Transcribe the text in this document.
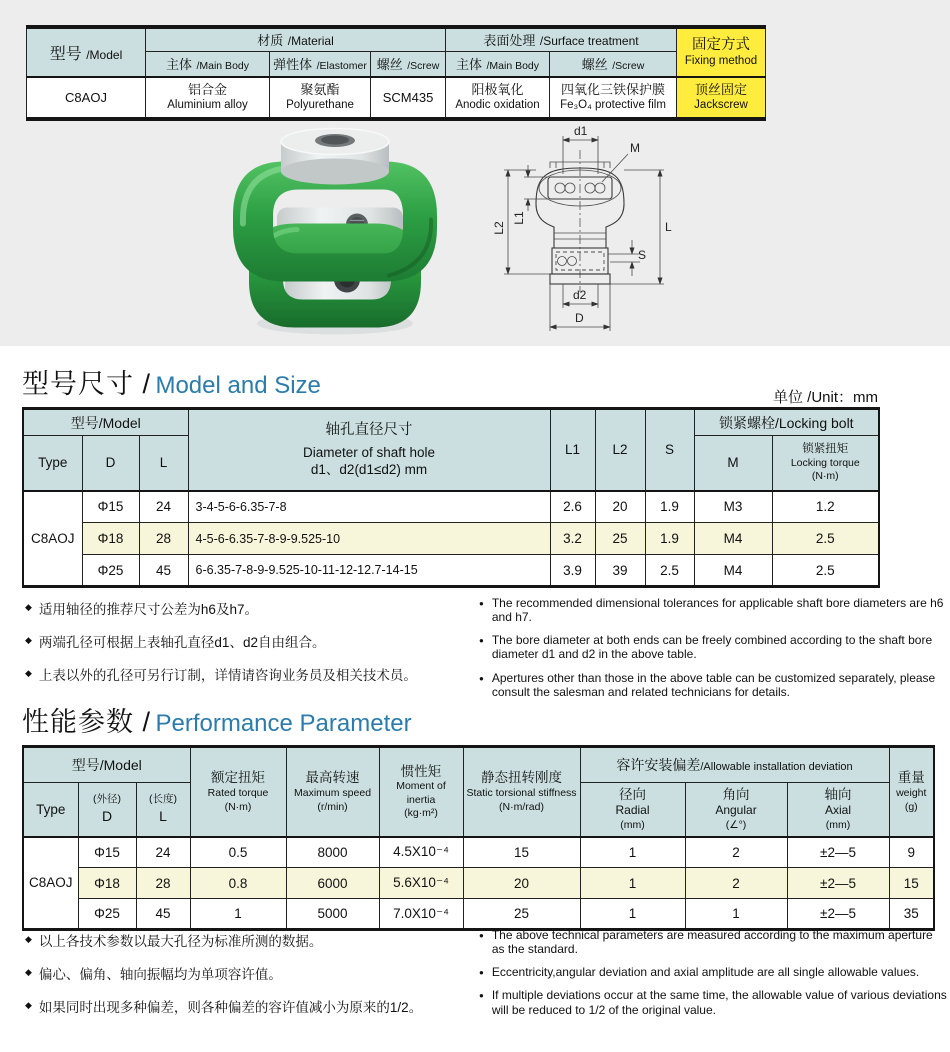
型号 /Model	材质 /Material			表面处理 /Surface treatment		固定方式
Fixing method

	主体 /Main Body	弹性体 /Elastomer	螺丝 /Screw	主体 /Main Body	螺丝 /Screw	
C8AOJ	铝合金
Aluminium alloy	聚氨酯
Polyurethane	SCM435	阳极氧化
Anodic oxidation	四氧化三铁保护膜
Fe₃O₄ protective film	顶丝固定
Jackscrew
d1
M
L2
L1
L
S
d2
D
型号尺寸 / Model and Size	单位 /Unit：mm
型号/Model			轴孔直径尺寸
Diameter of shaft hole
d1、d2(d1≤d2) mm	L1	L2	S	锁紧螺栓/Locking bolt	
Type	D	L					M	锁紧扭矩
Locking torque
(N·m)

C8AOJ	Φ15	24	3-4-5-6-6.35-7-8	2.6	20	1.9	M3	1.2
	Φ18	28	4-5-6-6.35-7-8-9-9.525-10	3.2	25	1.9	M4	2.5
	Φ25	45	6-6.35-7-8-9-9.525-10-11-12-12.7-14-15	3.9	39	2.5	M4	2.5
◆ 适用轴径的推荐尺寸公差为h6及h7。
◆ 两端孔径可根据上表轴孔直径d1、d2自由组合。
◆ 上表以外的孔径可另行订制，详情请咨询业务员及相关技术员。
● The recommended dimensional tolerances for applicable shaft bore diameters are h6 and h7.
● The bore diameter at both ends can be freely combined according to the shaft bore diameter d1 and d2 in the above table.
● Apertures other than those in the above table can be customized separately, please consult the salesman and related technicians for details.
性能参数 / Performance Parameter
型号/Model			额定扭矩
Rated torque
(N·m)	最高转速
Maximum speed
(r/min)	惯性矩
Moment of inertia
(kg·m²)	静态扭转刚度
Static torsional stiffness
(N·m/rad)	容许安装偏差/Allowable installation deviation			重量
weight
(g)

Type	(外径)
D	(长度)
L					径向
Radial
(mm)	角向
Angular
(∠°)	轴向
Axial
(mm)	

C8AOJ	Φ15	24	0.5	8000	4.5X10⁻⁴	15	1	2	±2—5	9
	Φ18	28	0.8	6000	5.6X10⁻⁴	20	1	2	±2—5	15
	Φ25	45	1	5000	7.0X10⁻⁴	25	1	1	±2—5	35
◆ 以上各技术参数以最大孔径为标准所测的数据。
◆ 偏心、偏角、轴向振幅均为单项容许值。
◆ 如果同时出现多种偏差，则各种偏差的容许值减小为原来的1/2。
● The above technical parameters are measured according to the maximum aperture as the standard.
● Eccentricity,angular deviation and axial amplitude are all single allowable values.
● If multiple deviations occur at the same time, the allowable value of various deviations will be reduced to 1/2 of the original value.
